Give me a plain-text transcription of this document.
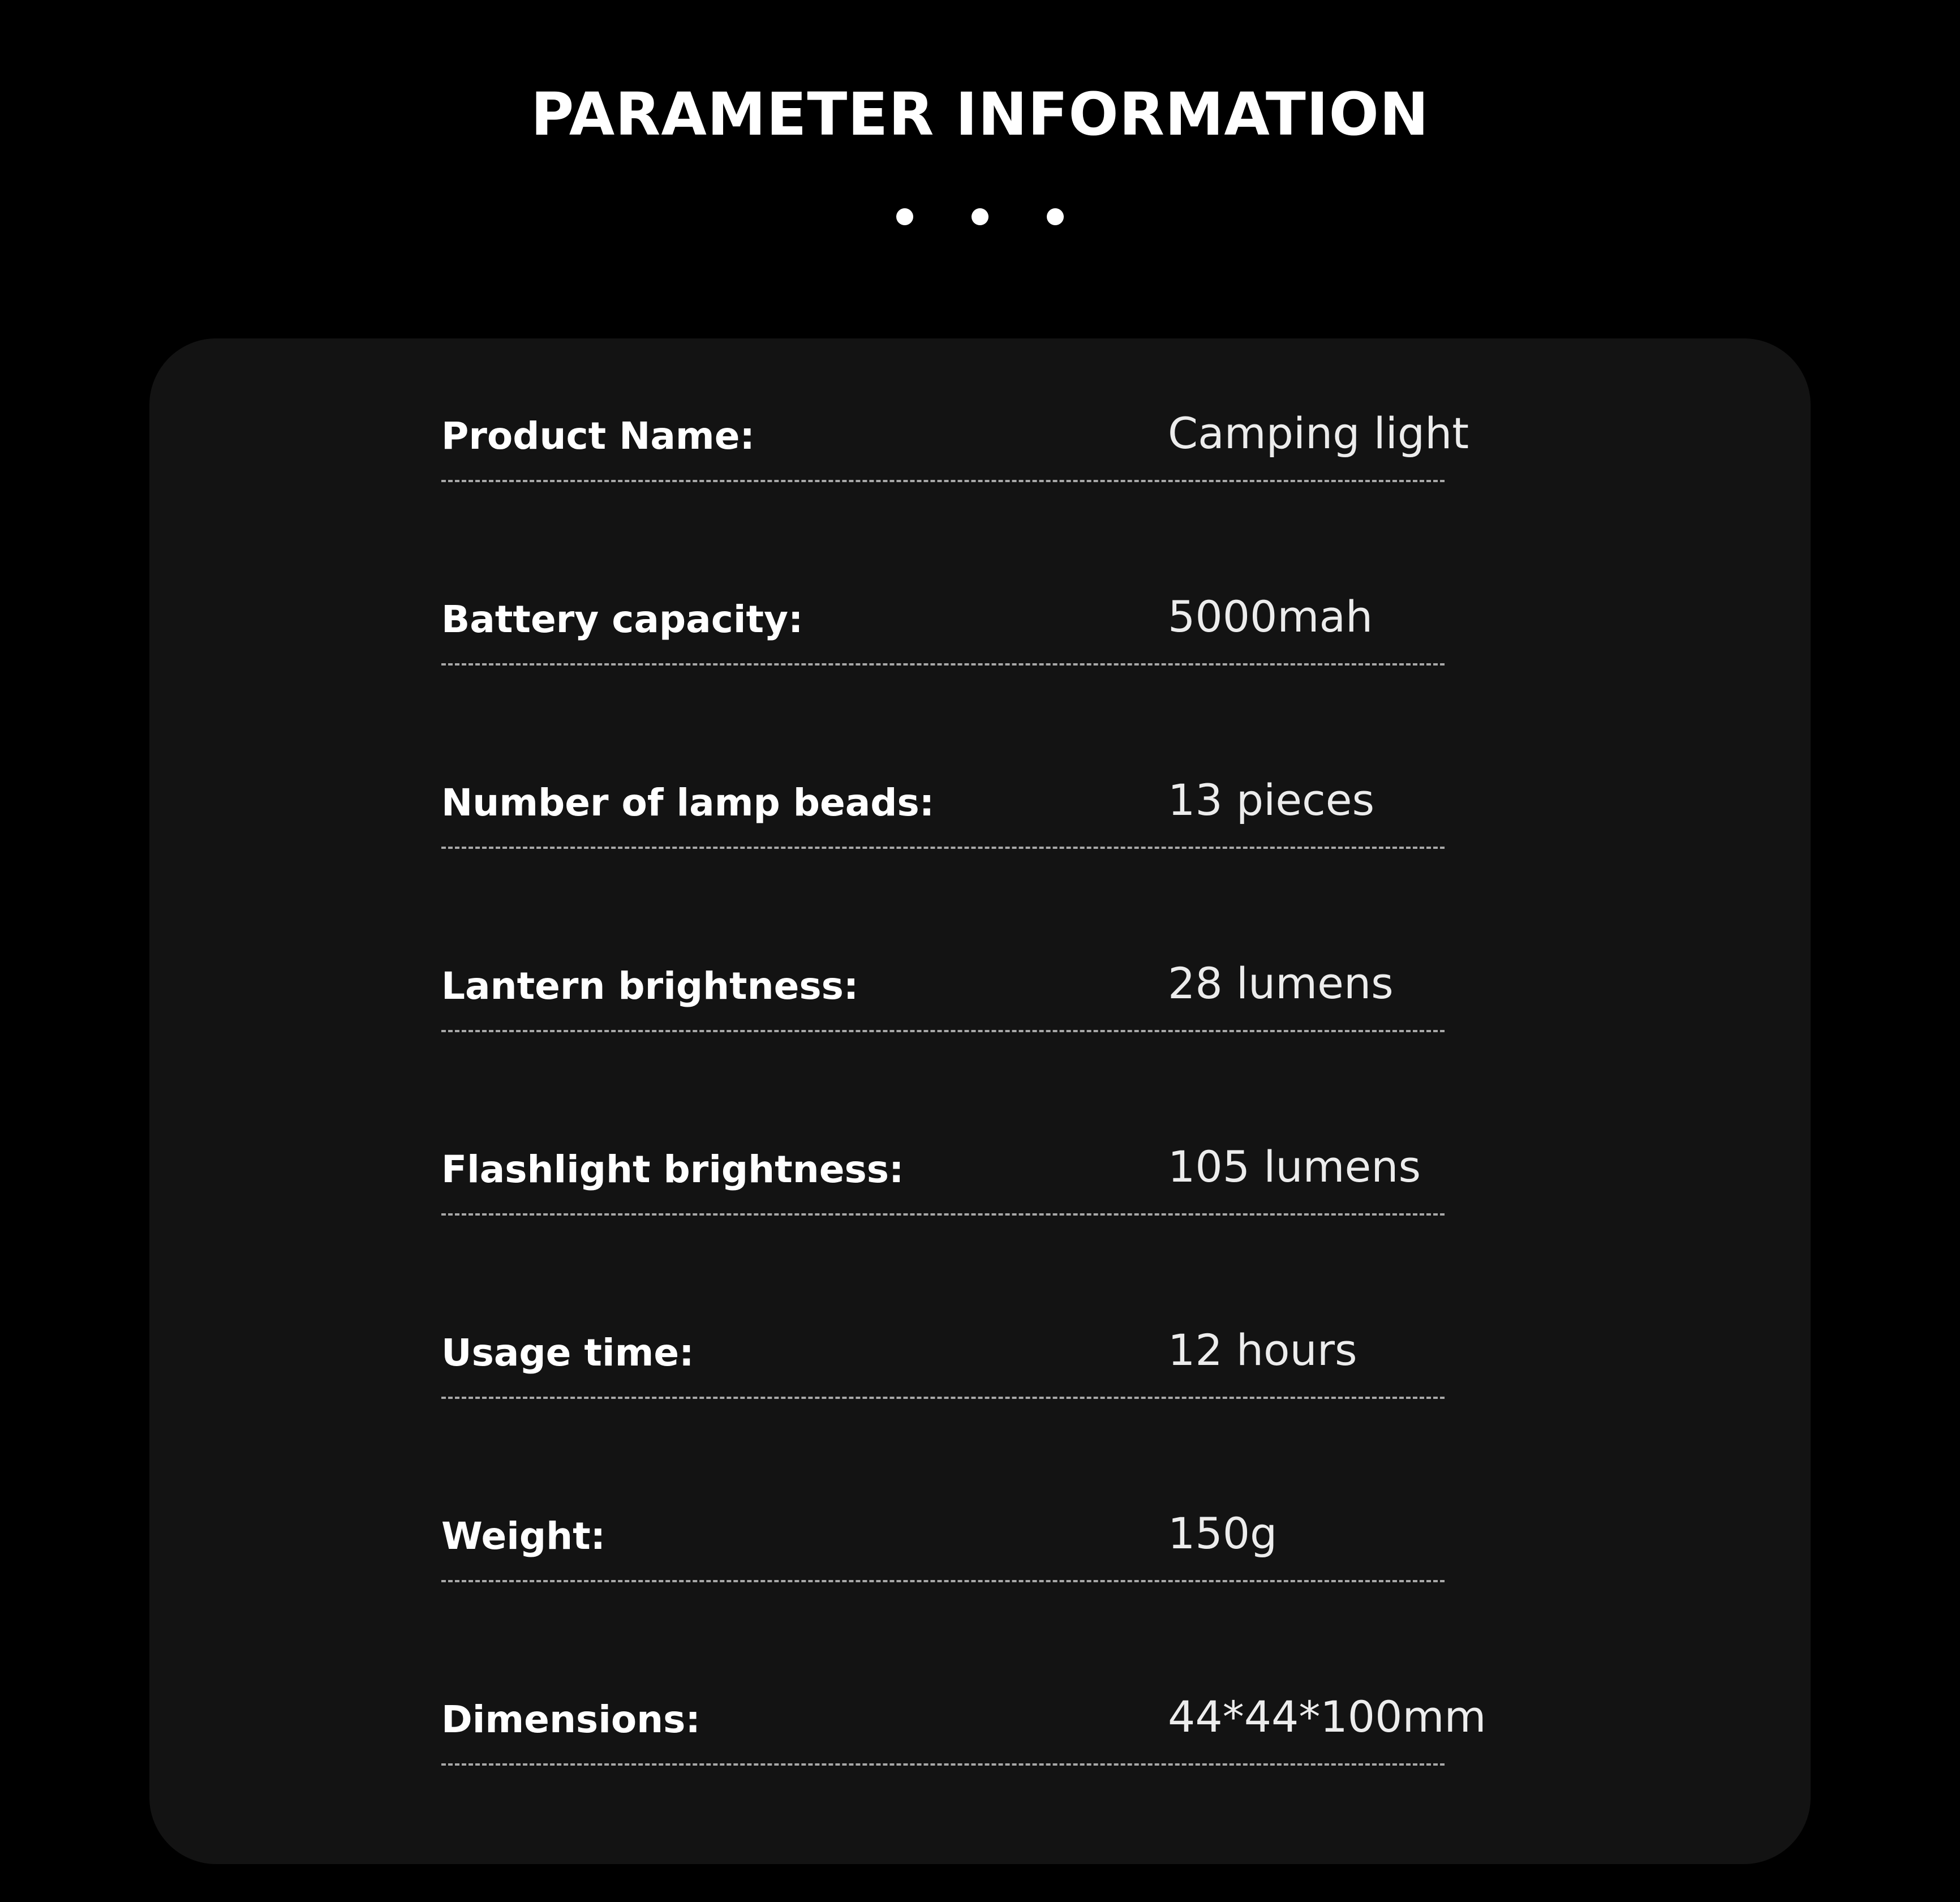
PARAMETER INFORMATION
Product Name:	Camping light
Battery capacity:	5000mah
Number of lamp beads:	13 pieces
Lantern brightness:	28 lumens
Flashlight brightness:	105 lumens
Usage time:	12 hours
Weight:	150g
Dimensions:	44*44*100mm
